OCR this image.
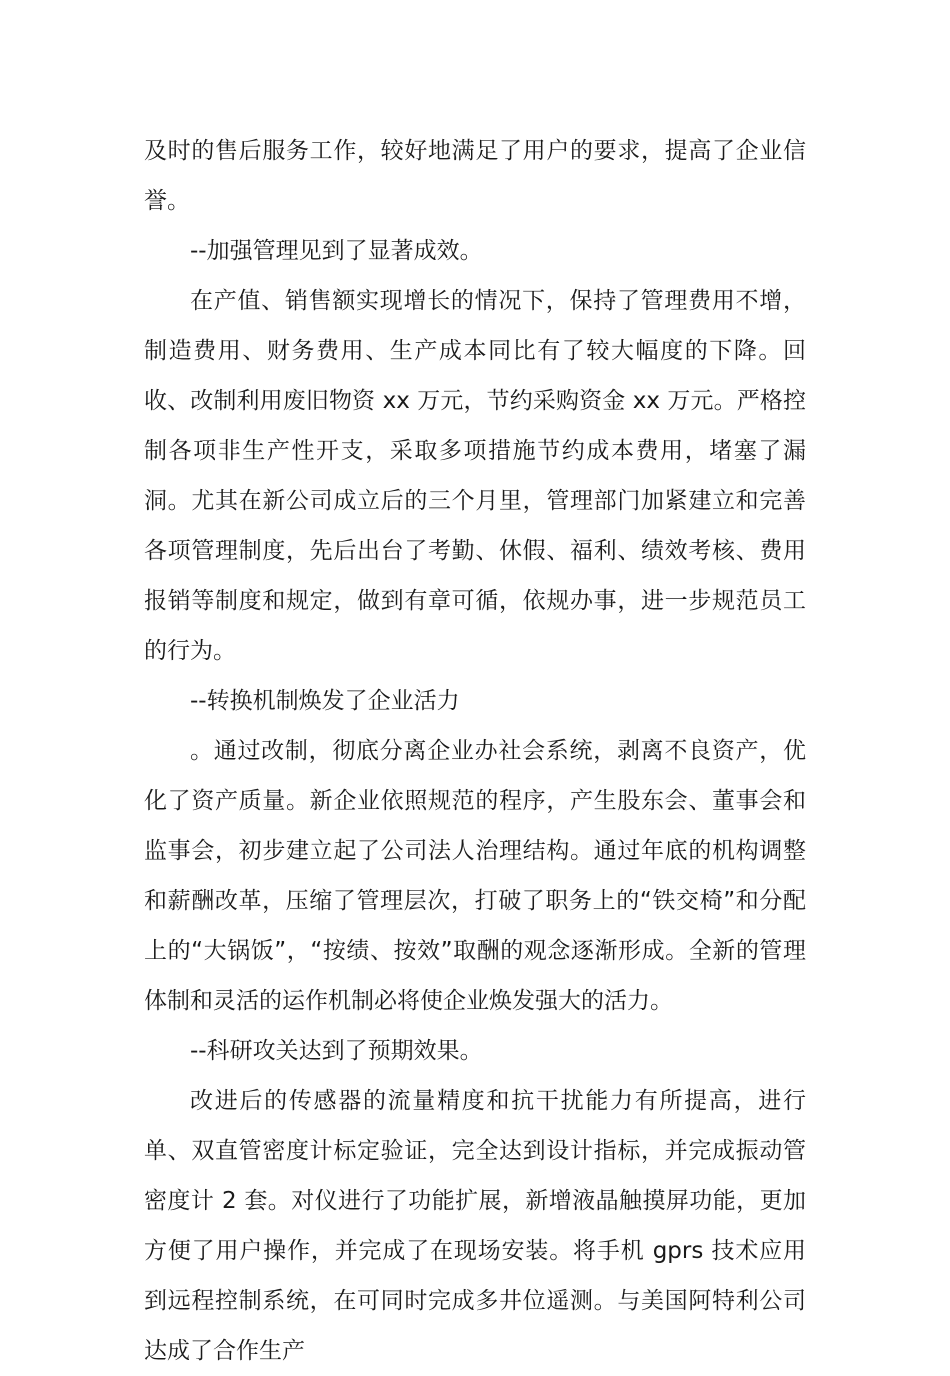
及时的售后服务工作，较好地满足了用户的要求，提高了企业信誉。

--加强管理见到了显著成效。

在产值、销售额实现增长的情况下，保持了管理费用不增，制造费用、财务费用、生产成本同比有了较大幅度的下降。回收、改制利用废旧物资 xx 万元，节约采购资金 xx 万元。严格控制各项非生产性开支，采取多项措施节约成本费用，堵塞了漏洞。尤其在新公司成立后的三个月里，管理部门加紧建立和完善各项管理制度，先后出台了考勤、休假、福利、绩效考核、费用报销等制度和规定，做到有章可循，依规办事，进一步规范员工的行为。

--转换机制焕发了企业活力

。通过改制，彻底分离企业办社会系统，剥离不良资产，优化了资产质量。新企业依照规范的程序，产生股东会、董事会和监事会，初步建立起了公司法人治理结构。通过年底的机构调整和薪酬改革，压缩了管理层次，打破了职务上的“铁交椅”和分配上的“大锅饭”，“按绩、按效”取酬的观念逐渐形成。全新的管理体制和灵活的运作机制必将使企业焕发强大的活力。

--科研攻关达到了预期效果。

改进后的传感器的流量精度和抗干扰能力有所提高，进行单、双直管密度计标定验证，完全达到设计指标，并完成振动管密度计 2 套。对仪进行了功能扩展，新增液晶触摸屏功能，更加方便了用户操作，并完成了在现场安装。将手机 gprs 技术应用到远程控制系统，在可同时完成多井位遥测。与美国阿特利公司达成了合作生产
